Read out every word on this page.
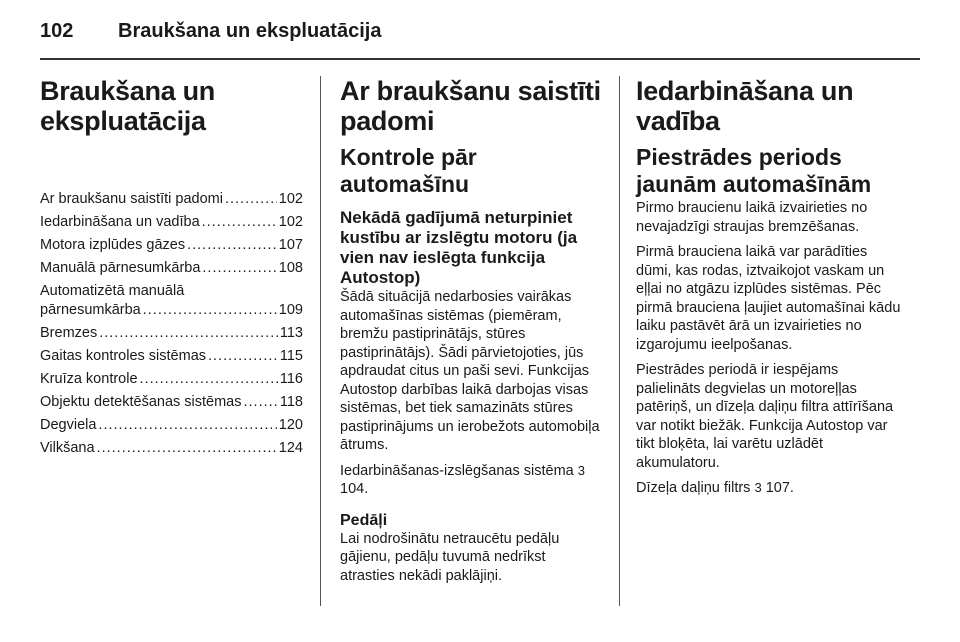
102	Braukšana un ekspluatācija
Braukšana un ekspluatācija
Ar braukšanu saistīti padomi .....	102
Iedarbināšana un vadība .....	102
Motora izplūdes gāzes .....	107
Manuālā pārnesumkārba .....	108
Automatizētā manuālā
pārnesumkārba .....	109
Bremzes .....	113
Gaitas kontroles sistēmas .....	115
Kruīza kontrole .....	116
Objektu detektēšanas sistēmas .....	118
Degviela .....	120
Vilkšana .....	124
Ar braukšanu saistīti
padomi
Kontrole pār automašīnu
Nekādā gadījumā neturpiniet kustību ar izslēgtu motoru (ja vien nav ieslēgta funkcija Autostop)
Šādā situācijā nedarbosies vairākas automašīnas sistēmas (piemēram, bremžu pastiprinātājs, stūres pastiprinātājs). Šādi pārvietojoties, jūs apdraudat citus un paši sevi. Funkcijas Autostop darbības laikā darbojas visas sistēmas, bet tiek samazināts stūres pastiprinājums un ierobežots automobiļa ātrums.
Iedarbināšanas-izslēgšanas sistēma 3 104.
Pedāļi
Lai nodrošinātu netraucētu pedāļu gājienu, pedāļu tuvumā nedrīkst atrasties nekādi paklājiņi.
Iedarbināšana un
vadība
Piestrādes periods jaunām automašīnām
Pirmo braucienu laikā izvairieties no nevajadzīgi straujas bremzēšanas.
Pirmā brauciena laikā var parādīties dūmi, kas rodas, iztvaikojot vaskam un eļļai no atgāzu izplūdes sistēmas. Pēc pirmā brauciena ļaujiet automašīnai kādu laiku pastāvēt ārā un izvairieties no izgarojumu ieelpošanas.
Piestrādes periodā ir iespējams palielināts degvielas un motoreļļas patēriņš, un dīzeļa daļiņu filtra attīrīšana var notikt biežāk. Funkcija Autostop var tikt bloķēta, lai varētu uzlādēt akumulatoru.
Dīzeļa daļiņu filtrs 3 107.
